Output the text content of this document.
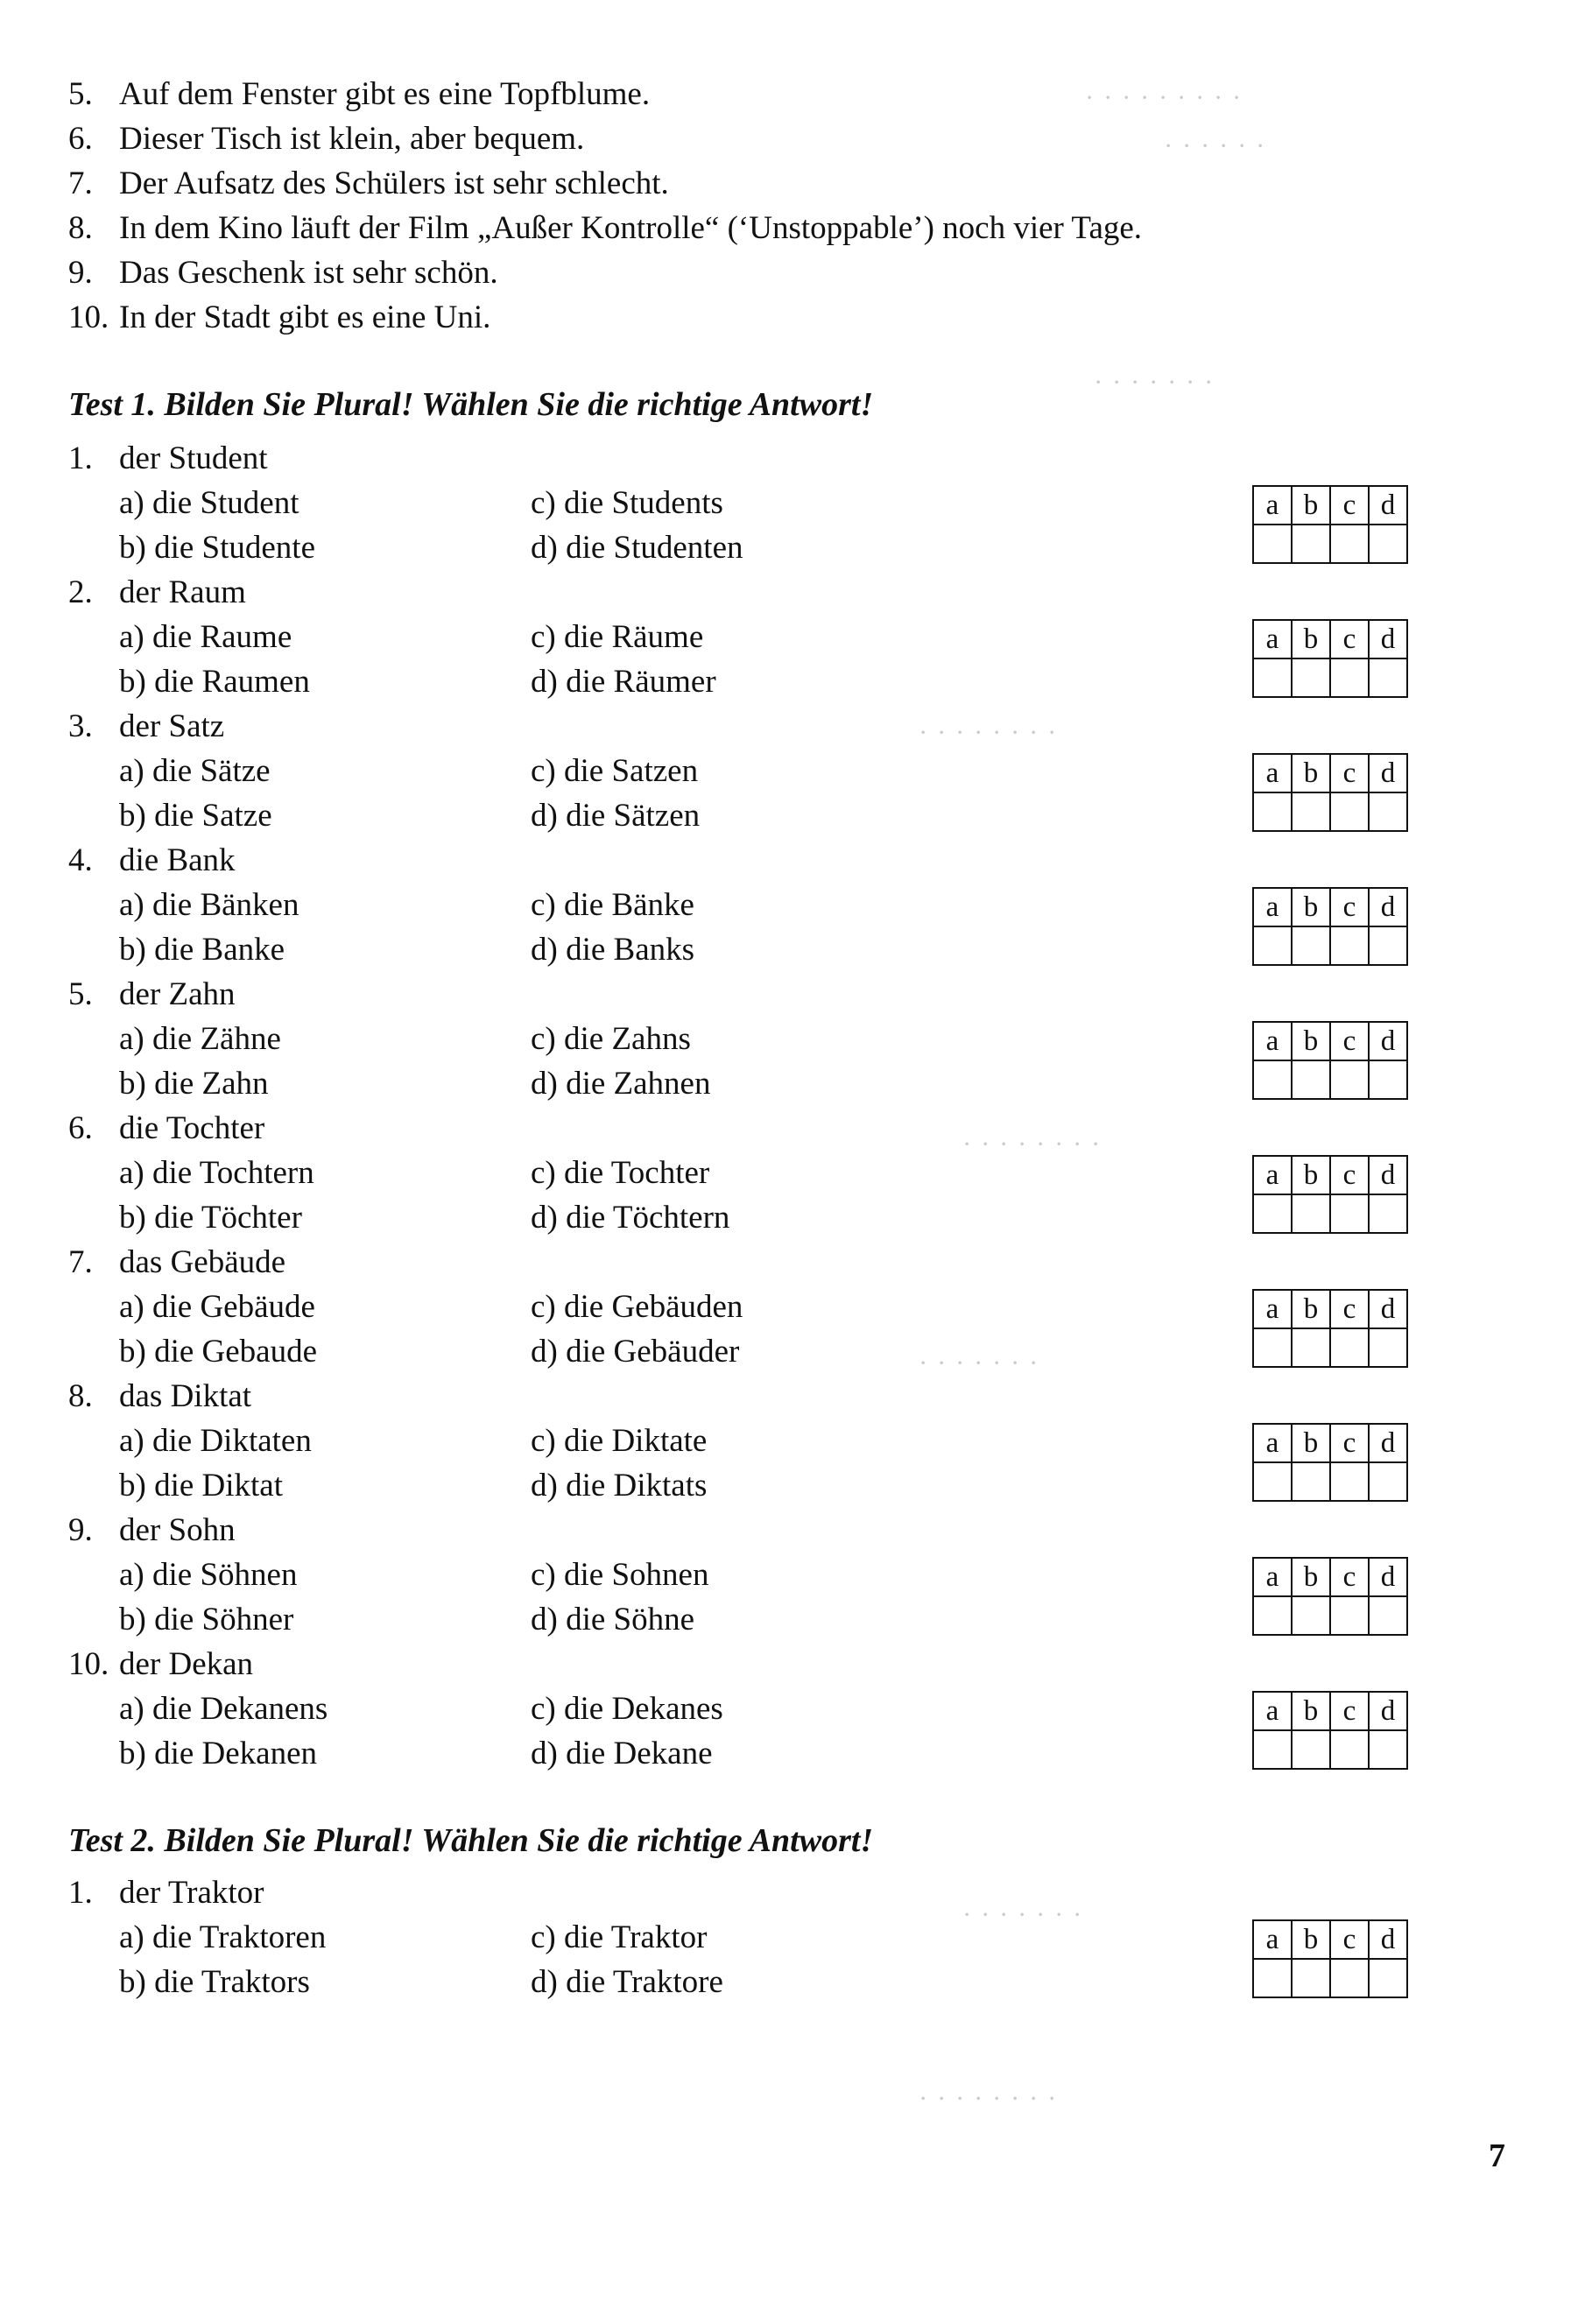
· · · · · · · · ·
· · · · · ·
· · · · · · ·
· · · · · · · ·
· · · · · · · ·
· · · · · · ·
· · · · · · ·
· · · · · · · ·
5. Auf dem Fenster gibt es eine Topfblume.
6. Dieser Tisch ist klein, aber bequem.
7. Der Aufsatz des Schülers ist sehr schlecht.
8. In dem Kino läuft der Film „Außer Kontrolle“ (‘Unstoppable’) noch vier Tage.
9. Das Geschenk ist sehr schön.
10. In der Stadt gibt es eine Uni.
Test 1. Bilden Sie Plural! Wählen Sie die richtige Antwort!
1. der Student
a) die Student	c) die Students
b) die Studente	d) die Studenten
a	b	c	d

2. der Raum
a) die Raume	c) die Räume
b) die Raumen	d) die Räumer
a	b	c	d

3. der Satz
a) die Sätze	c) die Satzen
b) die Satze	d) die Sätzen
a	b	c	d

4. die Bank
a) die Bänken	c) die Bänke
b) die Banke	d) die Banks
a	b	c	d

5. der Zahn
a) die Zähne	c) die Zahns
b) die Zahn	d) die Zahnen
a	b	c	d

6. die Tochter
a) die Tochtern	c) die Tochter
b) die Töchter	d) die Töchtern
a	b	c	d

7. das Gebäude
a) die Gebäude	c) die Gebäuden
b) die Gebaude	d) die Gebäuder
a	b	c	d

8. das Diktat
a) die Diktaten	c) die Diktate
b) die Diktat	d) die Diktats
a	b	c	d

9. der Sohn
a) die Söhnen	c) die Sohnen
b) die Söhner	d) die Söhne
a	b	c	d

10. der Dekan
a) die Dekanens	c) die Dekanes
b) die Dekanen	d) die Dekane
a	b	c	d

Test 2. Bilden Sie Plural! Wählen Sie die richtige Antwort!
1. der Traktor
a) die Traktoren	c) die Traktor
b) die Traktors	d) die Traktore
a	b	c	d

7
